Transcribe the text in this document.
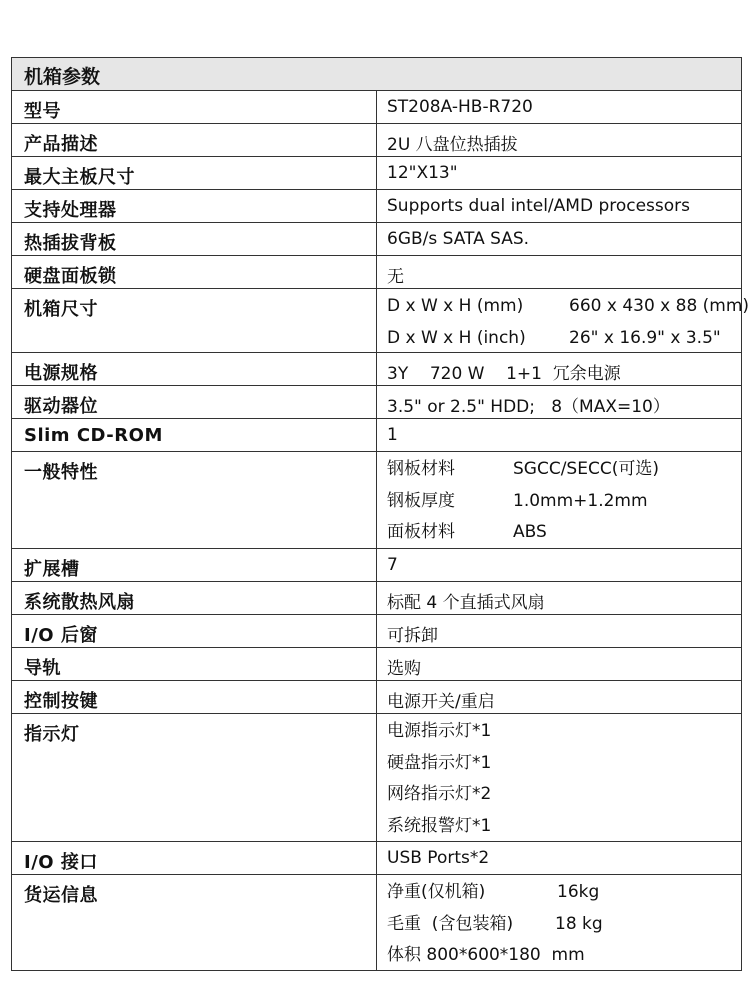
机箱参数	
型号	ST208A-HB-R720
产品描述	2U 八盘位热插拔
最大主板尺寸	12"X13"
支持处理器	Supports dual intel/AMD processors
热插拔背板	6GB/s SATA SAS.
硬盘面板锁	无
机箱尺寸	D x W x H (mm) 660 x 430 x 88 (mm)
D x W x H (inch) 26" x 16.9" x 3.5"

电源规格	3Y    720 W    1+1  冗余电源
驱动器位	3.5" or 2.5" HDD;   8（MAX=10）
Slim CD-ROM	1
一般特性	钢板材料 SGCC/SECC(可选)
钢板厚度 1.0mm+1.2mm
面板材料 ABS

扩展槽	7
系统散热风扇	标配 4 个直插式风扇
I/O 后窗	可拆卸
导轨	选购
控制按键	电源开关/重启
指示灯	电源指示灯*1
硬盘指示灯*1
网络指示灯*2
系统报警灯*1

I/O 接口	USB Ports*2
货运信息	净重(仅机箱) 16kg
毛重  (含包装箱) 18 kg
体积 800*600*180  mm
